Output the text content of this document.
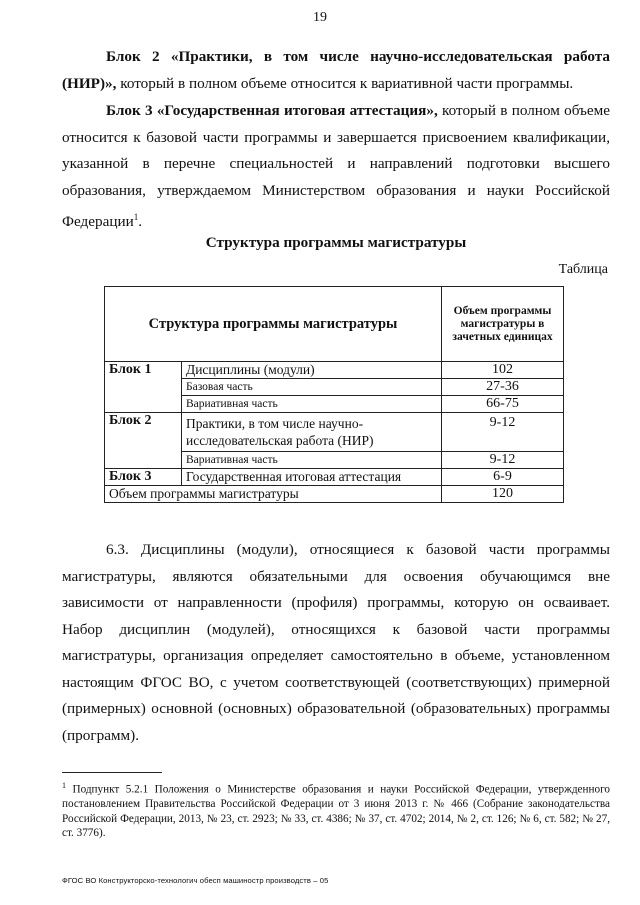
19

Блок 2 «Практики, в том числе научно-исследовательская работа (НИР)», который в полном объеме относится к вариативной части программы.

Блок 3 «Государственная итоговая аттестация», который в полном объеме относится к базовой части программы и завершается присвоением квалификации, указанной в перечне специальностей и направлений подготовки высшего образования, утверждаемом Министерством образования и науки Российской Федерации$^1$.

Структура программы магистратуры
Таблица
Структура программы магистратуры		Объем программы магистратуры в зачетных единицах
Блок 1	Дисциплины (модули)	102
	Базовая часть	27-36
	Вариативная часть	66-75
Блок 2	Практики, в том числе научно-исследовательская работа (НИР)	9-12
	Вариативная часть	9-12
Блок 3	Государственная итоговая аттестация	6-9
Объем программы магистратуры		120

6.3. Дисциплины (модули), относящиеся к базовой части программы магистратуры, являются обязательными для освоения обучающимся вне зависимости от направленности (профиля) программы, которую он осваивает. Набор дисциплин (модулей), относящихся к базовой части программы магистратуры, организация определяет самостоятельно в объеме, установленном настоящим ФГОС ВО, с учетом соответствующей (соответствующих) примерной (примерных) основной (основных) образовательной (образовательных) программы (программ).

$^1$ Подпункт 5.2.1 Положения о Министерстве образования и науки Российской Федерации, утвержденного постановлением Правительства Российской Федерации от 3 июня 2013 г. № 466 (Собрание законодательства Российской Федерации, 2013, № 23, ст. 2923; № 33, ст. 4386; № 37, ст. 4702; 2014, № 2, ст. 126; № 6, ст. 582; № 27, ст. 3776).
ФГОС ВО Конструкторско-технологич обесп машиностр производств – 05
